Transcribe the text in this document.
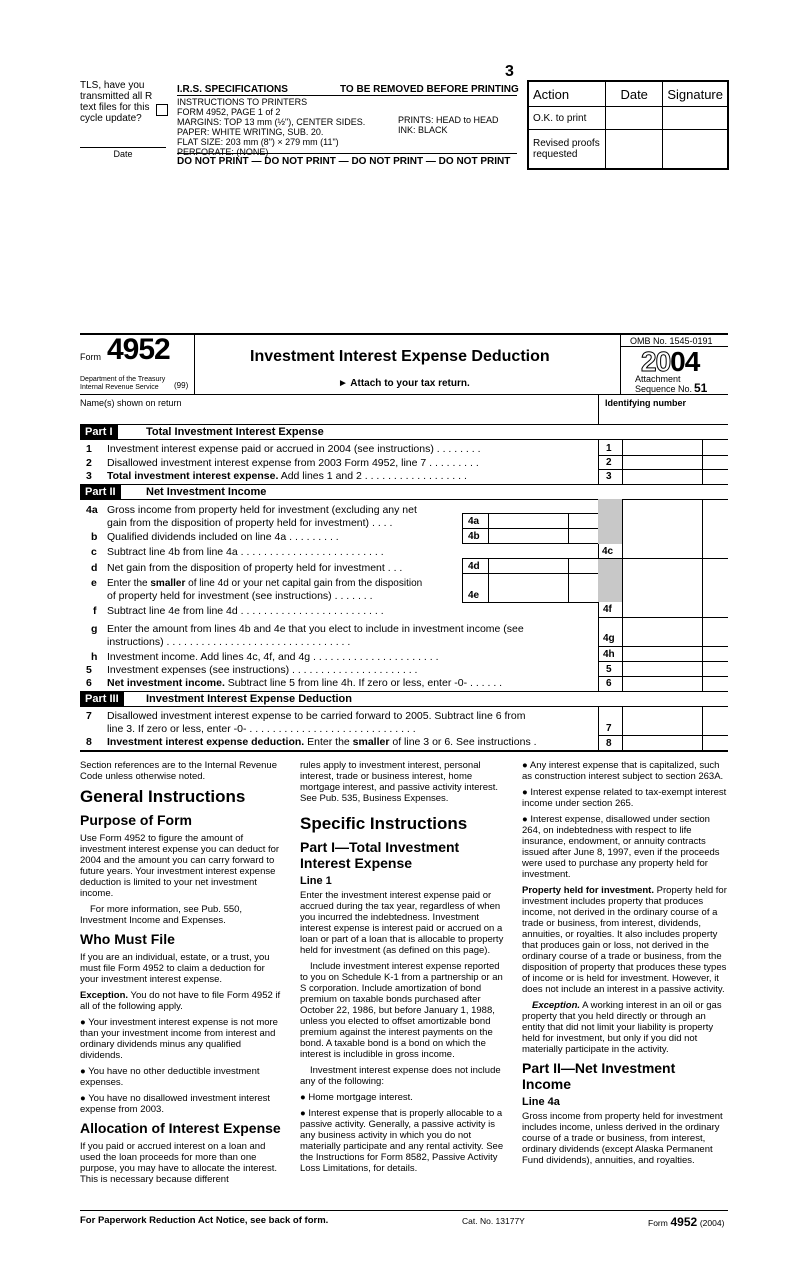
TLS, have you transmitted all R text files for this cycle update?
Date
3
I.R.S. SPECIFICATIONS	TO BE REMOVED BEFORE PRINTING
INSTRUCTIONS TO PRINTERS
FORM 4952, PAGE 1 of 2
MARGINS: TOP 13 mm (½"), CENTER SIDES.
PAPER: WHITE WRITING, SUB. 20.
FLAT SIZE: 203 mm (8") × 279 mm (11")
PERFORATE: (NONE)
PRINTS: HEAD to HEAD
INK: BLACK
DO NOT PRINT — DO NOT PRINT — DO NOT PRINT — DO NOT PRINT
Action	Date	Signature
O.K. to print		
Revised proofs requested		
Form 4952
Department of the Treasury
Internal Revenue Service	(99)
Investment Interest Expense Deduction
► Attach to your tax return.
OMB No. 1545-0191
2004
Attachment
Sequence No. 51
Name(s) shown on return	Identifying number
Part I	Total Investment Interest Expense
1 Investment interest expense paid or accrued in 2004 (see instructions) . . . . . . . .	1
2 Disallowed investment interest expense from 2003 Form 4952, line 7 . . . . . . . . .	2
3 Total investment interest expense. Add lines 1 and 2 . . . . . . . . . . . . . . . . . .	3
Part II	Net Investment Income
4a Gross income from property held for investment (excluding any net
gain from the disposition of property held for investment) . . . .	4a
b Qualified dividends included on line 4a . . . . . . . . .	4b
c Subtract line 4b from line 4a . . . . . . . . . . . . . . . . . . . . . . . . .	4c
d Net gain from the disposition of property held for investment . . .	4d
e Enter the smaller of line 4d or your net capital gain from the disposition
of property held for investment (see instructions) . . . . . . .	4e
f Subtract line 4e from line 4d . . . . . . . . . . . . . . . . . . . . . . . . .	4f
g Enter the amount from lines 4b and 4e that you elect to include in investment income (see
instructions) . . . . . . . . . . . . . . . . . . . . . . . . . . . . . . . .	4g
h Investment income. Add lines 4c, 4f, and 4g . . . . . . . . . . . . . . . . . . . . . .	4h
5 Investment expenses (see instructions) . . . . . . . . . . . . . . . . . . . . . .	5
6 Net investment income. Subtract line 5 from line 4h. If zero or less, enter -0- . . . . . .	6
Part III	Investment Interest Expense Deduction
7 Disallowed investment interest expense to be carried forward to 2005. Subtract line 6 from
line 3. If zero or less, enter -0- . . . . . . . . . . . . . . . . . . . . . . . . . . . . .	7
8 Investment interest expense deduction. Enter the smaller of line 3 or 6. See instructions .	8

Section references are to the Internal Revenue Code unless otherwise noted.

General Instructions
Purpose of Form

Use Form 4952 to figure the amount of investment interest expense you can deduct for 2004 and the amount you can carry forward to future years. Your investment interest expense deduction is limited to your net investment income.

For more information, see Pub. 550, Investment Income and Expenses.

Who Must File

If you are an individual, estate, or a trust, you must file Form 4952 to claim a deduction for your investment interest expense.

Exception. You do not have to file Form 4952 if all of the following apply.

● Your investment interest expense is not more than your investment income from interest and ordinary dividends minus any qualified dividends.

● You have no other deductible investment expenses.

● You have no disallowed investment interest expense from 2003.

Allocation of Interest Expense

If you paid or accrued interest on a loan and used the loan proceeds for more than one purpose, you may have to allocate the interest. This is necessary because different

rules apply to investment interest, personal interest, trade or business interest, home mortgage interest, and passive activity interest. See Pub. 535, Business Expenses.

Specific Instructions
Part I—Total Investment Interest Expense
Line 1

Enter the investment interest expense paid or accrued during the tax year, regardless of when you incurred the indebtedness. Investment interest expense is interest paid or accrued on a loan or part of a loan that is allocable to property held for investment (as defined on this page).

Include investment interest expense reported to you on Schedule K-1 from a partnership or an S corporation. Include amortization of bond premium on taxable bonds purchased after October 22, 1986, but before January 1, 1988, unless you elected to offset amortizable bond premium against the interest payments on the bond. A taxable bond is a bond on which the interest is includible in gross income.

Investment interest expense does not include any of the following:

● Home mortgage interest.

● Interest expense that is properly allocable to a passive activity. Generally, a passive activity is any business activity in which you do not materially participate and any rental activity. See the Instructions for Form 8582, Passive Activity Loss Limitations, for details.

● Any interest expense that is capitalized, such as construction interest subject to section 263A.

● Interest expense related to tax-exempt interest income under section 265.

● Interest expense, disallowed under section 264, on indebtedness with respect to life insurance, endowment, or annuity contracts issued after June 8, 1997, even if the proceeds were used to purchase any property held for investment.

Property held for investment. Property held for investment includes property that produces income, not derived in the ordinary course of a trade or business, from interest, dividends, annuities, or royalties. It also includes property that produces gain or loss, not derived in the ordinary course of a trade or business, from the disposition of property that produces these types of income or is held for investment. However, it does not include an interest in a passive activity.

Exception. A working interest in an oil or gas property that you held directly or through an entity that did not limit your liability is property held for investment, but only if you did not materially participate in the activity.

Part II—Net Investment Income
Line 4a

Gross income from property held for investment includes income, unless derived in the ordinary course of a trade or business, from interest, ordinary dividends (except Alaska Permanent Fund dividends), annuities, and royalties.

For Paperwork Reduction Act Notice, see back of form.	Cat. No. 13177Y	Form 4952 (2004)
